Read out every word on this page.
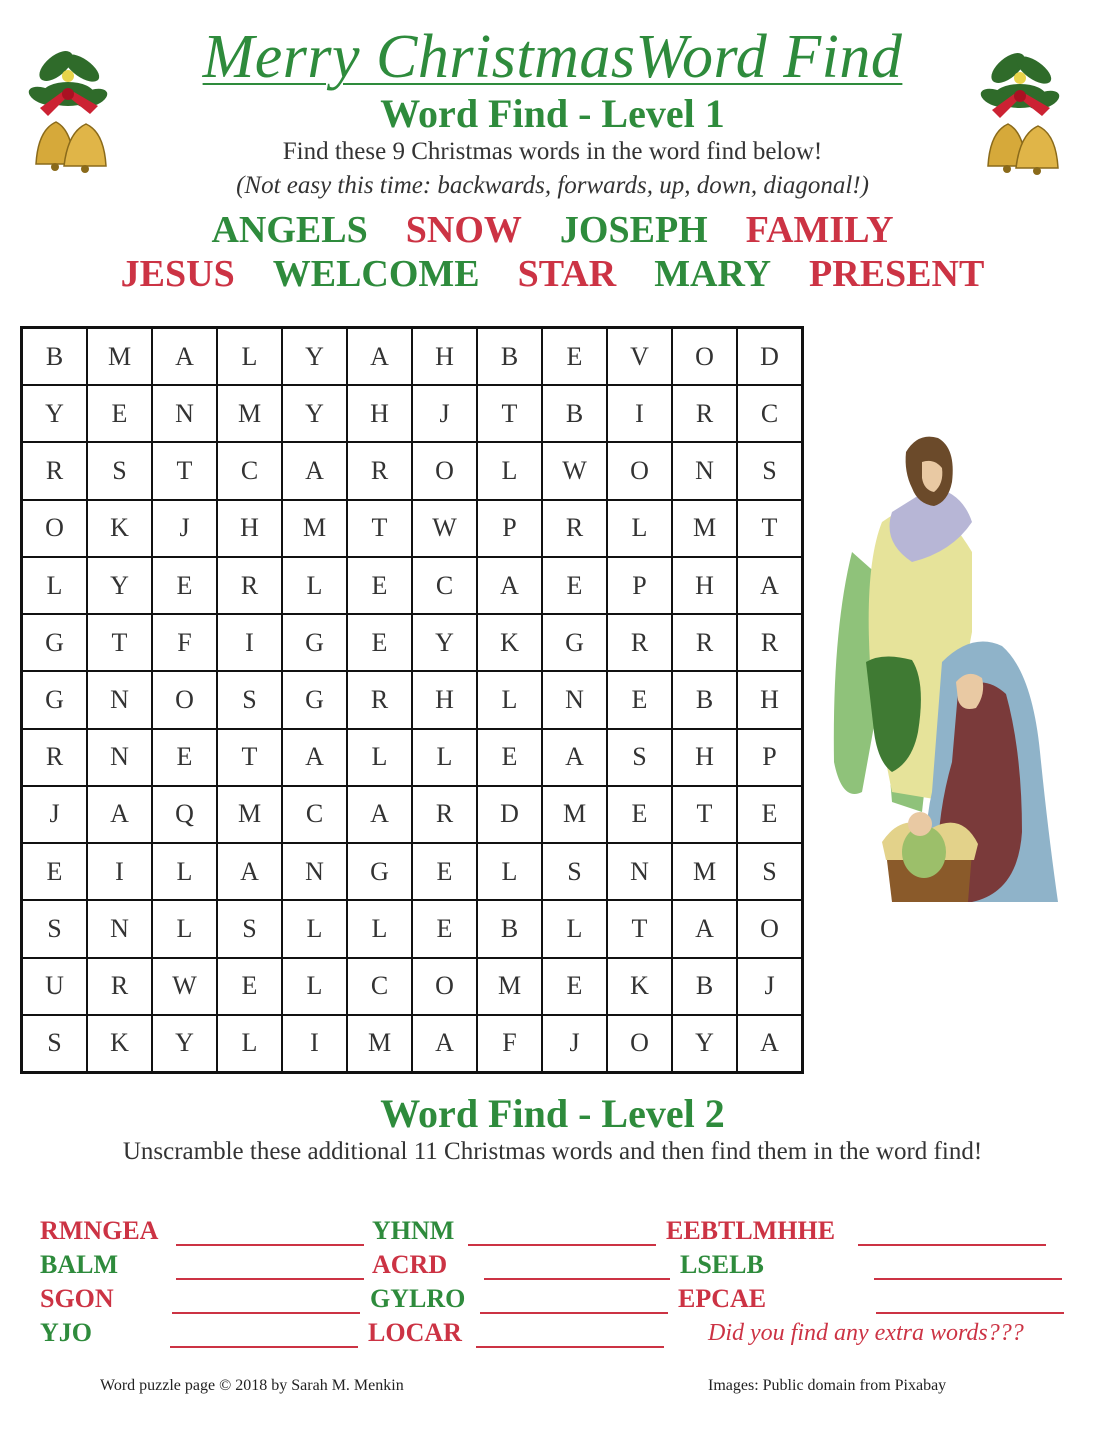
Merry ChristmasWord Find
Word Find - Level 1
Find these 9 Christmas words in the word find below!
(Not easy this time: backwards, forwards, up, down, diagonal!)
ANGELS SNOW JOSEPH FAMILY
JESUS WELCOME STAR MARY PRESENT
B	M	A	L	Y	A	H	B	E	V	O	D
Y	E	N	M	Y	H	J	T	B	I	R	C
R	S	T	C	A	R	O	L	W	O	N	S
O	K	J	H	M	T	W	P	R	L	M	T
L	Y	E	R	L	E	C	A	E	P	H	A
G	T	F	I	G	E	Y	K	G	R	R	R
G	N	O	S	G	R	H	L	N	E	B	H
R	N	E	T	A	L	L	E	A	S	H	P
J	A	Q	M	C	A	R	D	M	E	T	E
E	I	L	A	N	G	E	L	S	N	M	S
S	N	L	S	L	L	E	B	L	T	A	O
U	R	W	E	L	C	O	M	E	K	B	J
S	K	Y	L	I	M	A	F	J	O	Y	A
Word Find - Level 2
Unscramble these additional 11 Christmas words and then find them in the word find!
RMNGEA
BALM
SGON
YJO
YHNM
ACRD
GYLRO
LOCAR
EEBTLMHHE
LSELB
EPCAE
Did you find any extra words???
Word puzzle page © 2018 by Sarah M. Menkin	Images: Public domain from Pixabay
